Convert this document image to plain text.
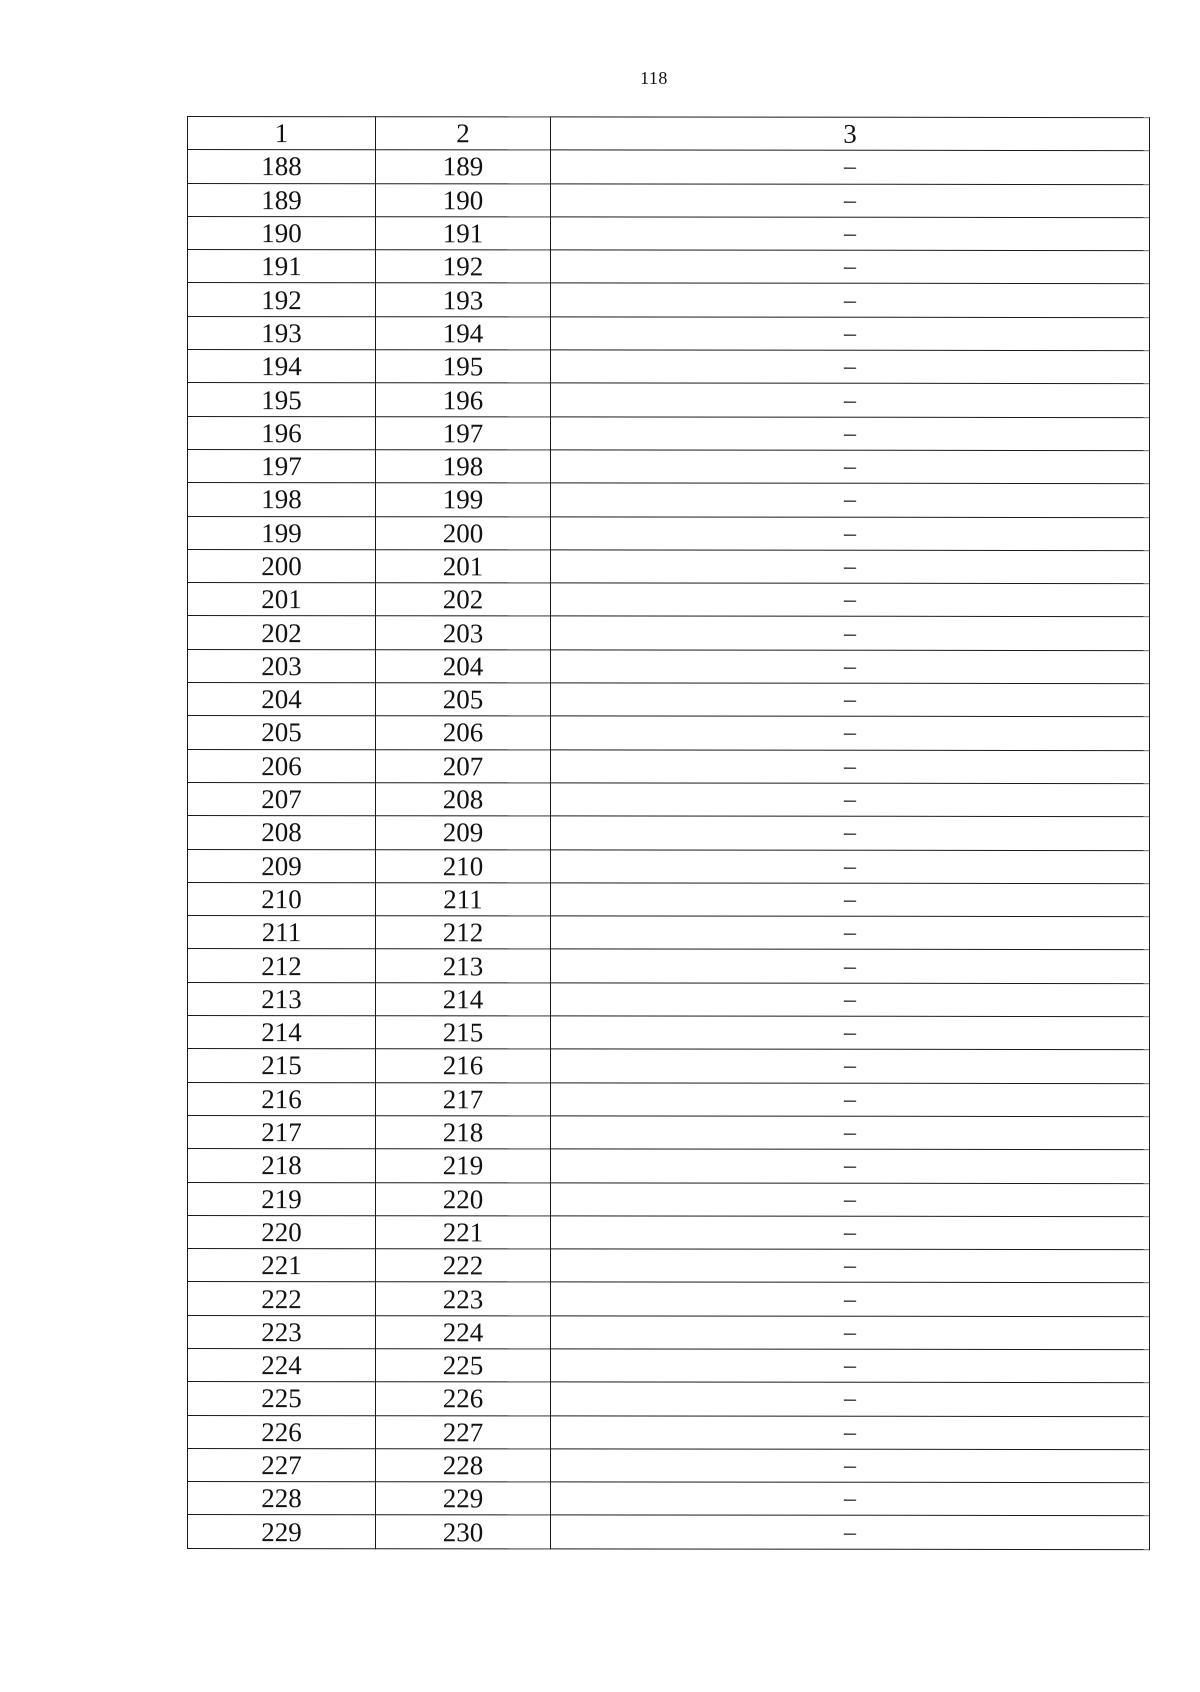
118
1	2	3
188	189	–
189	190	–
190	191	–
191	192	–
192	193	–
193	194	–
194	195	–
195	196	–
196	197	–
197	198	–
198	199	–
199	200	–
200	201	–
201	202	–
202	203	–
203	204	–
204	205	–
205	206	–
206	207	–
207	208	–
208	209	–
209	210	–
210	211	–
211	212	–
212	213	–
213	214	–
214	215	–
215	216	–
216	217	–
217	218	–
218	219	–
219	220	–
220	221	–
221	222	–
222	223	–
223	224	–
224	225	–
225	226	–
226	227	–
227	228	–
228	229	–
229	230	–
